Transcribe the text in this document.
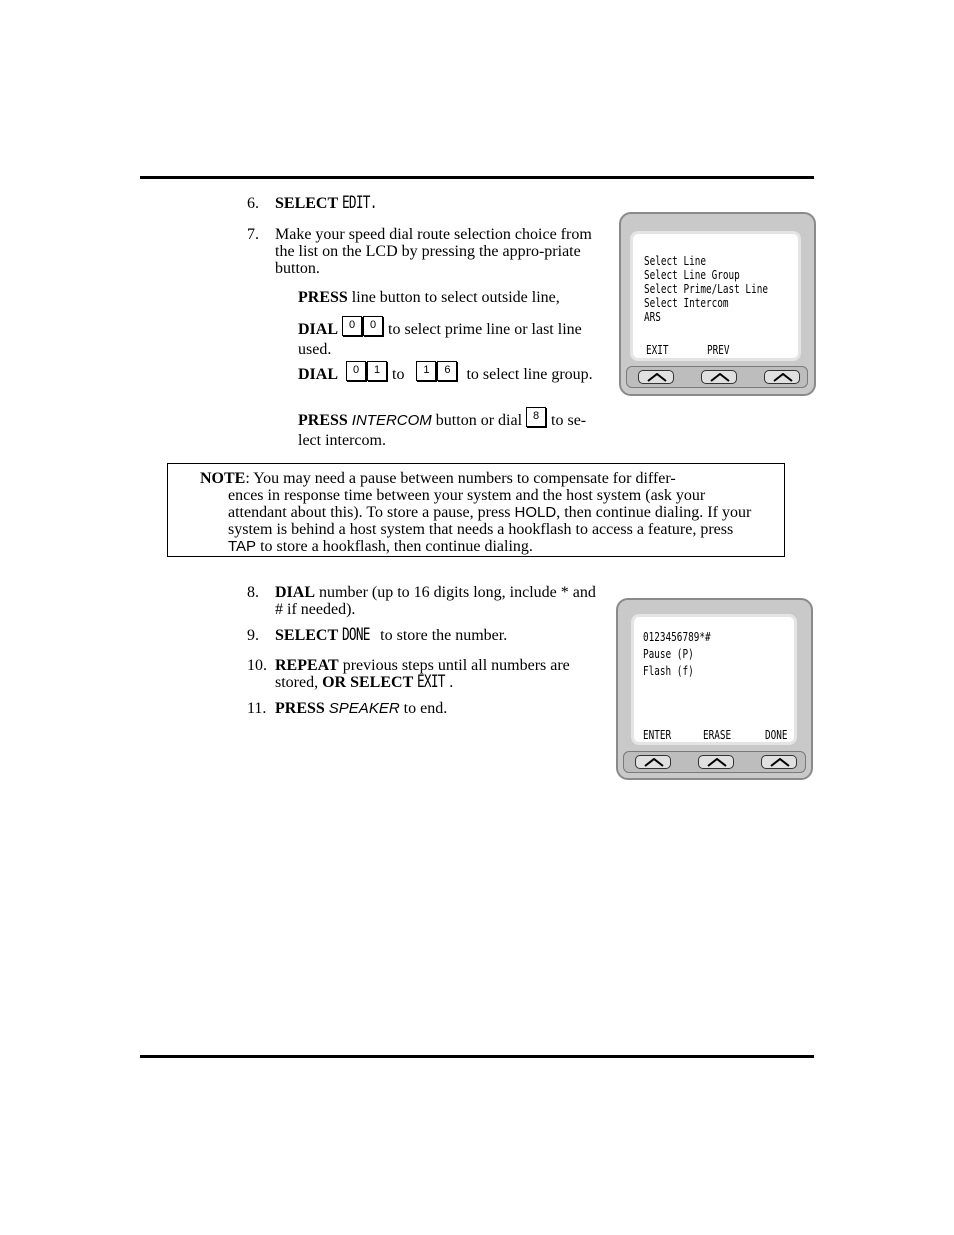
6. SELECT EDIT.
7. Make your speed dial route selection choice from the list on the LCD by pressing the appro-priate button.
PRESS line button to select outside line,
DIAL 0 0 to select prime line or last line used.
DIAL 0 1 to   1 6  to select line group.
PRESS INTERCOM button or dial 8 to se-lect intercom.
NOTE: You may need a pause between numbers to compensate for differ-
ences in response time between your system and the host system (ask your attendant about this). To store a pause, press HOLD, then continue dialing. If your system is behind a host system that needs a hookflash to access a feature, press TAP to store a hookflash, then continue dialing.
8. DIAL number (up to 16 digits long, include * and # if needed).
9. SELECT DONE to store the number.
10. REPEAT previous steps until all numbers are stored, OR SELECT EXIT .
11. PRESS SPEAKER to end.
Select Line
Select Line Group
Select Prime/Last Line
Select Intercom
ARS
EXIT	PREV
0123456789*#
Pause (P)
Flash (f)
ENTER	ERASE	DONE
